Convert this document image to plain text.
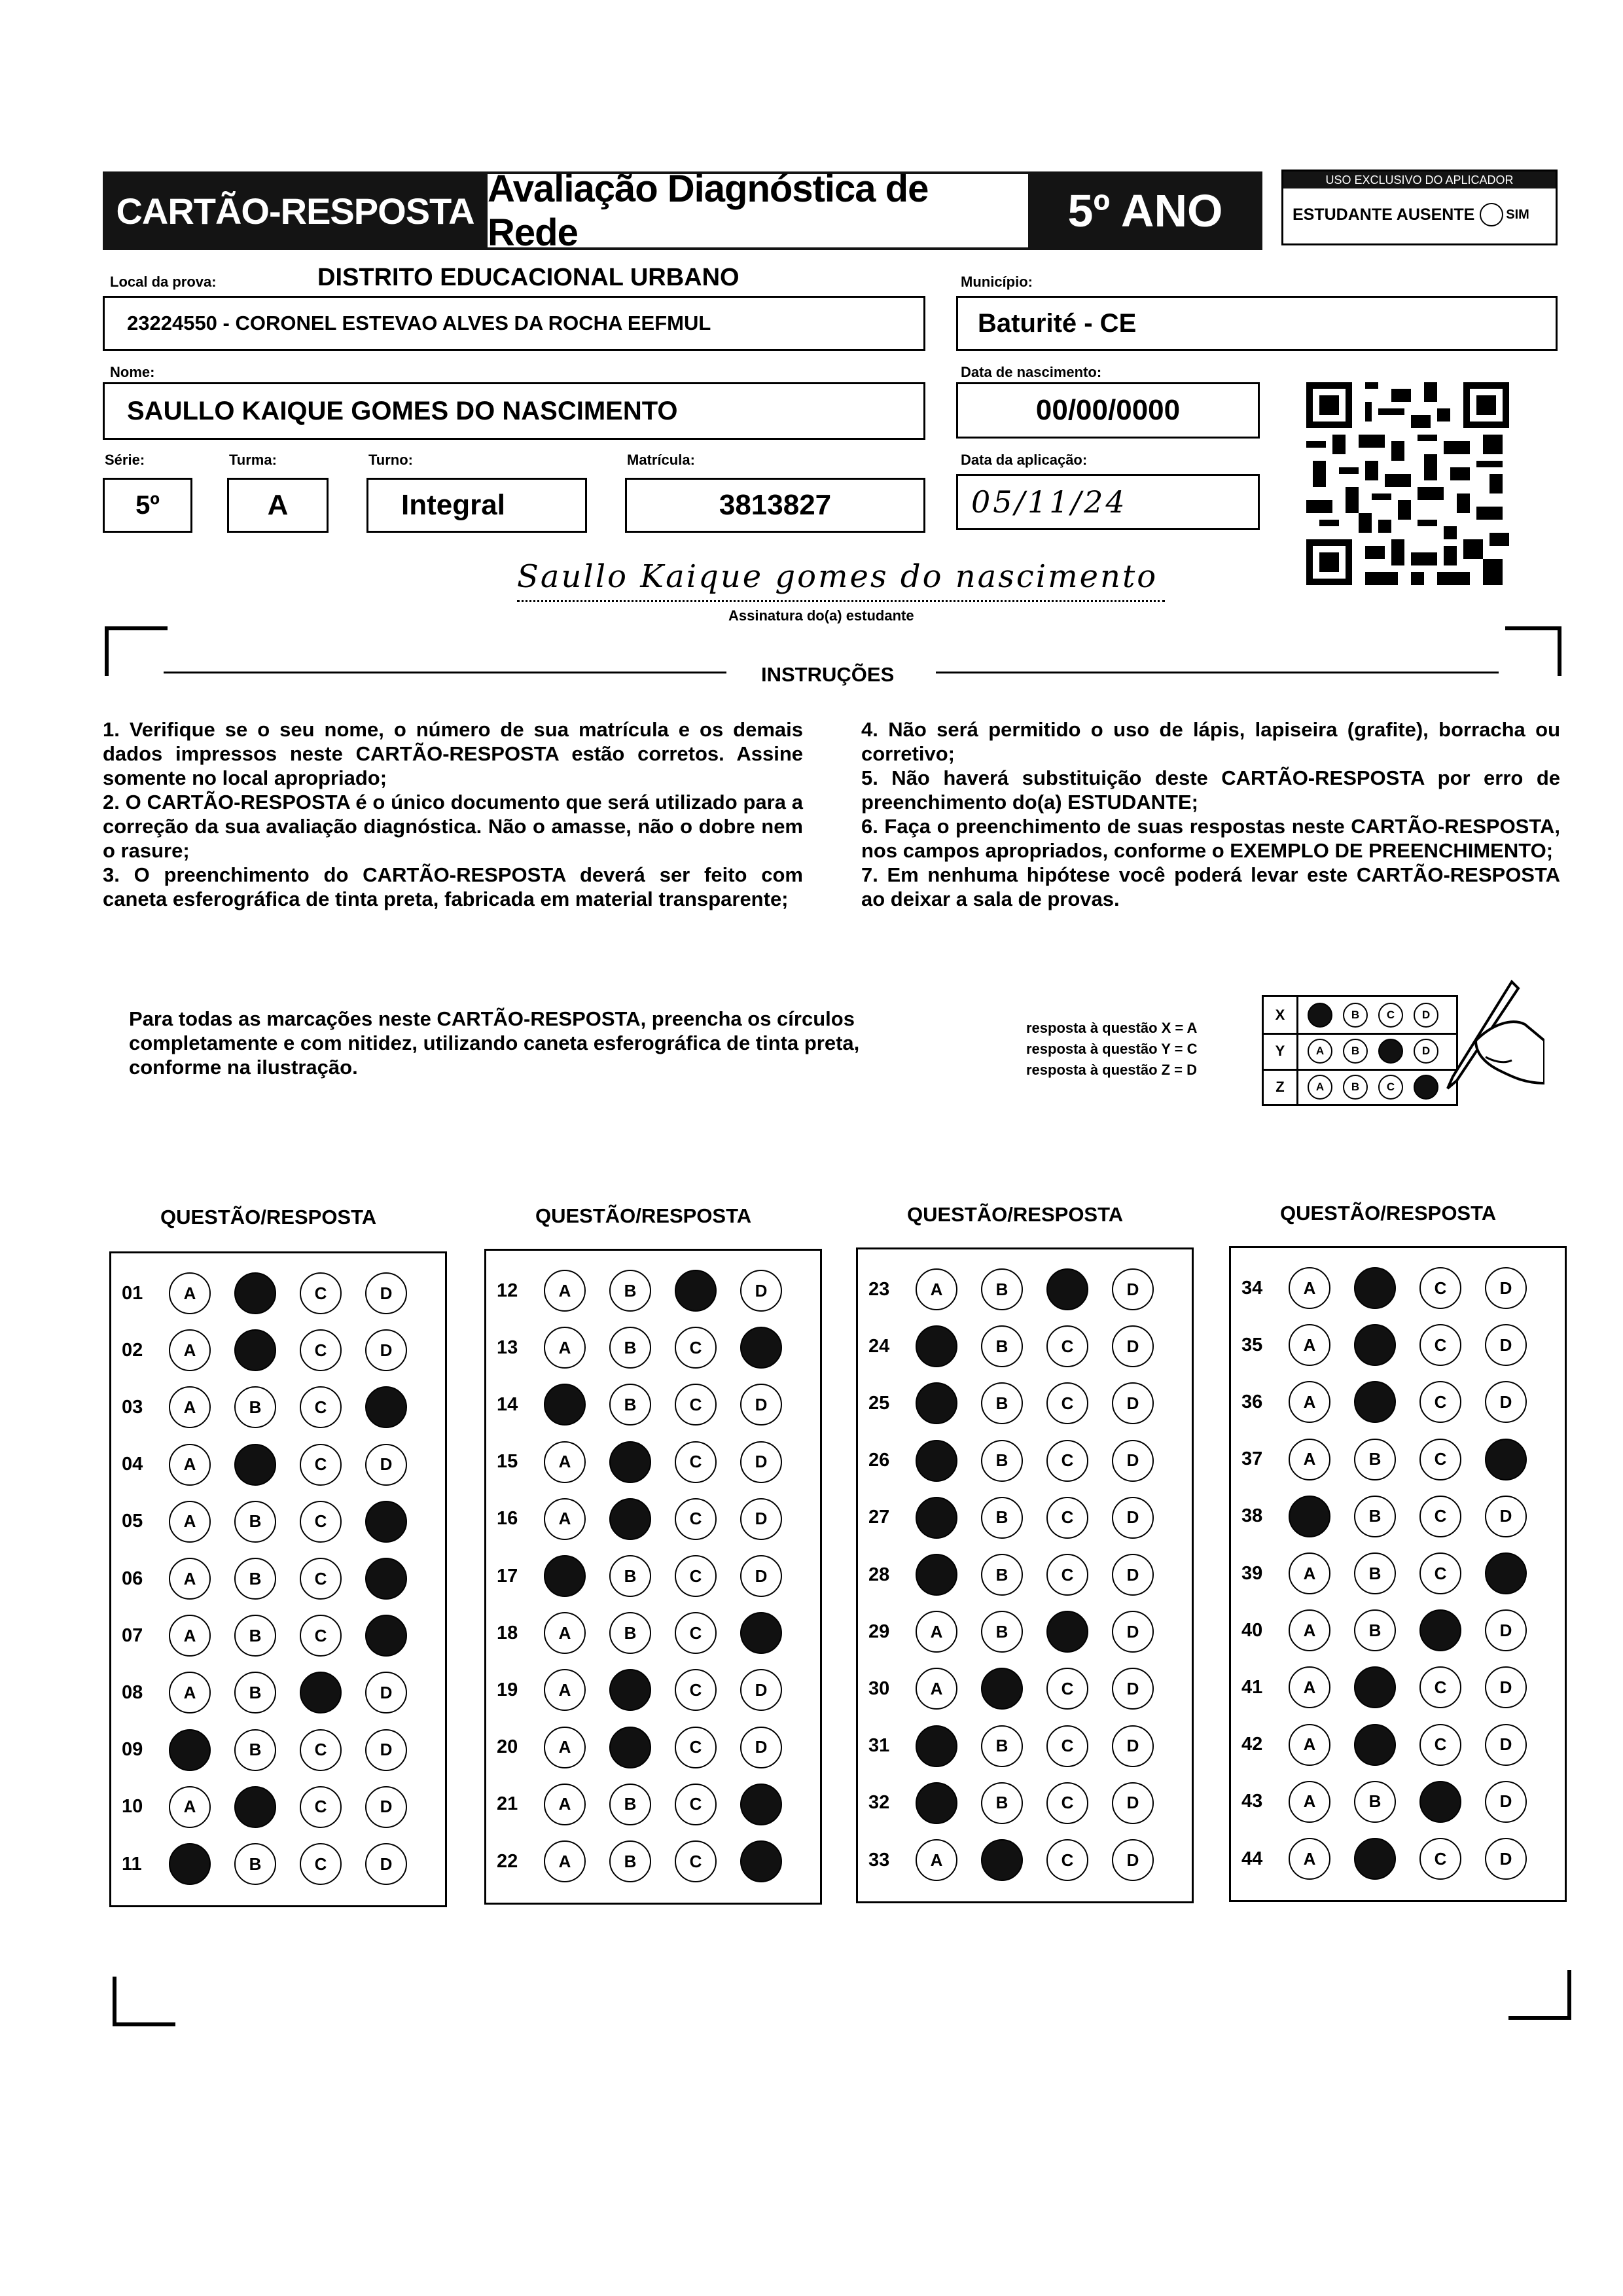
CARTÃO-RESPOSTA
Avaliação Diagnóstica de Rede	5º ANO
USO EXCLUSIVO DO APLICADOR
ESTUDANTE AUSENTE SIM
Local da prova:	DISTRITO EDUCACIONAL URBANO
23224550 - CORONEL ESTEVAO ALVES DA ROCHA EEFMUL
Município:
Baturité - CE
Nome:
SAULLO KAIQUE GOMES DO NASCIMENTO
Data de nascimento:
00/00/0000
Série:
5º
Turma:
A
Turno:
Integral
Matrícula:
3813827
Data da aplicação:
05/11/24
Saullo Kaique gomes do nascimento
Assinatura do(a) estudante
INSTRUÇÕES

1. Verifique se o seu nome, o número de sua matrícula e os demais dados impressos neste CARTÃO-RESPOSTA estão corretos. Assine somente no local apropriado;

2. O CARTÃO-RESPOSTA é o único documento que será utilizado para a correção da sua avaliação diagnóstica. Não o amasse, não o dobre nem o rasure;

3. O preenchimento do CARTÃO-RESPOSTA deverá ser feito com caneta esferográfica de tinta preta, fabricada em material transparente;

4. Não será permitido o uso de lápis, lapiseira (grafite), borracha ou corretivo;

5. Não haverá substituição deste CARTÃO-RESPOSTA por erro de preenchimento do(a) ESTUDANTE;

6. Faça o preenchimento de suas respostas neste CARTÃO-RESPOSTA, nos campos apropriados, conforme o EXEMPLO DE PREENCHIMENTO;

7. Em nenhuma hipótese você poderá levar este CARTÃO-RESPOSTA ao deixar a sala de provas.

Para todas as marcações neste CARTÃO-RESPOSTA, preencha os círculos completamente e com nitidez, utilizando caneta esferográfica de tinta preta, conforme na ilustração.
resposta à questão X = A
resposta à questão Y = C
resposta à questão Z = D
X	B	C	D
Y	A	B	D
Z	A	B	C
QUESTÃO/RESPOSTA
01	A	C	D
02	A	C	D
03	A	B	C
04	A	C	D
05	A	B	C
06	A	B	C
07	A	B	C
08	A	B	D
09	B	C	D
10	A	C	D
11	B	C	D
QUESTÃO/RESPOSTA
12	A	B	D
13	A	B	C
14	B	C	D
15	A	C	D
16	A	C	D
17	B	C	D
18	A	B	C
19	A	C	D
20	A	C	D
21	A	B	C
22	A	B	C
QUESTÃO/RESPOSTA
23	A	B	D
24	B	C	D
25	B	C	D
26	B	C	D
27	B	C	D
28	B	C	D
29	A	B	D
30	A	C	D
31	B	C	D
32	B	C	D
33	A	C	D
QUESTÃO/RESPOSTA
34	A	C	D
35	A	C	D
36	A	C	D
37	A	B	C
38	B	C	D
39	A	B	C
40	A	B	D
41	A	C	D
42	A	C	D
43	A	B	D
44	A	C	D
